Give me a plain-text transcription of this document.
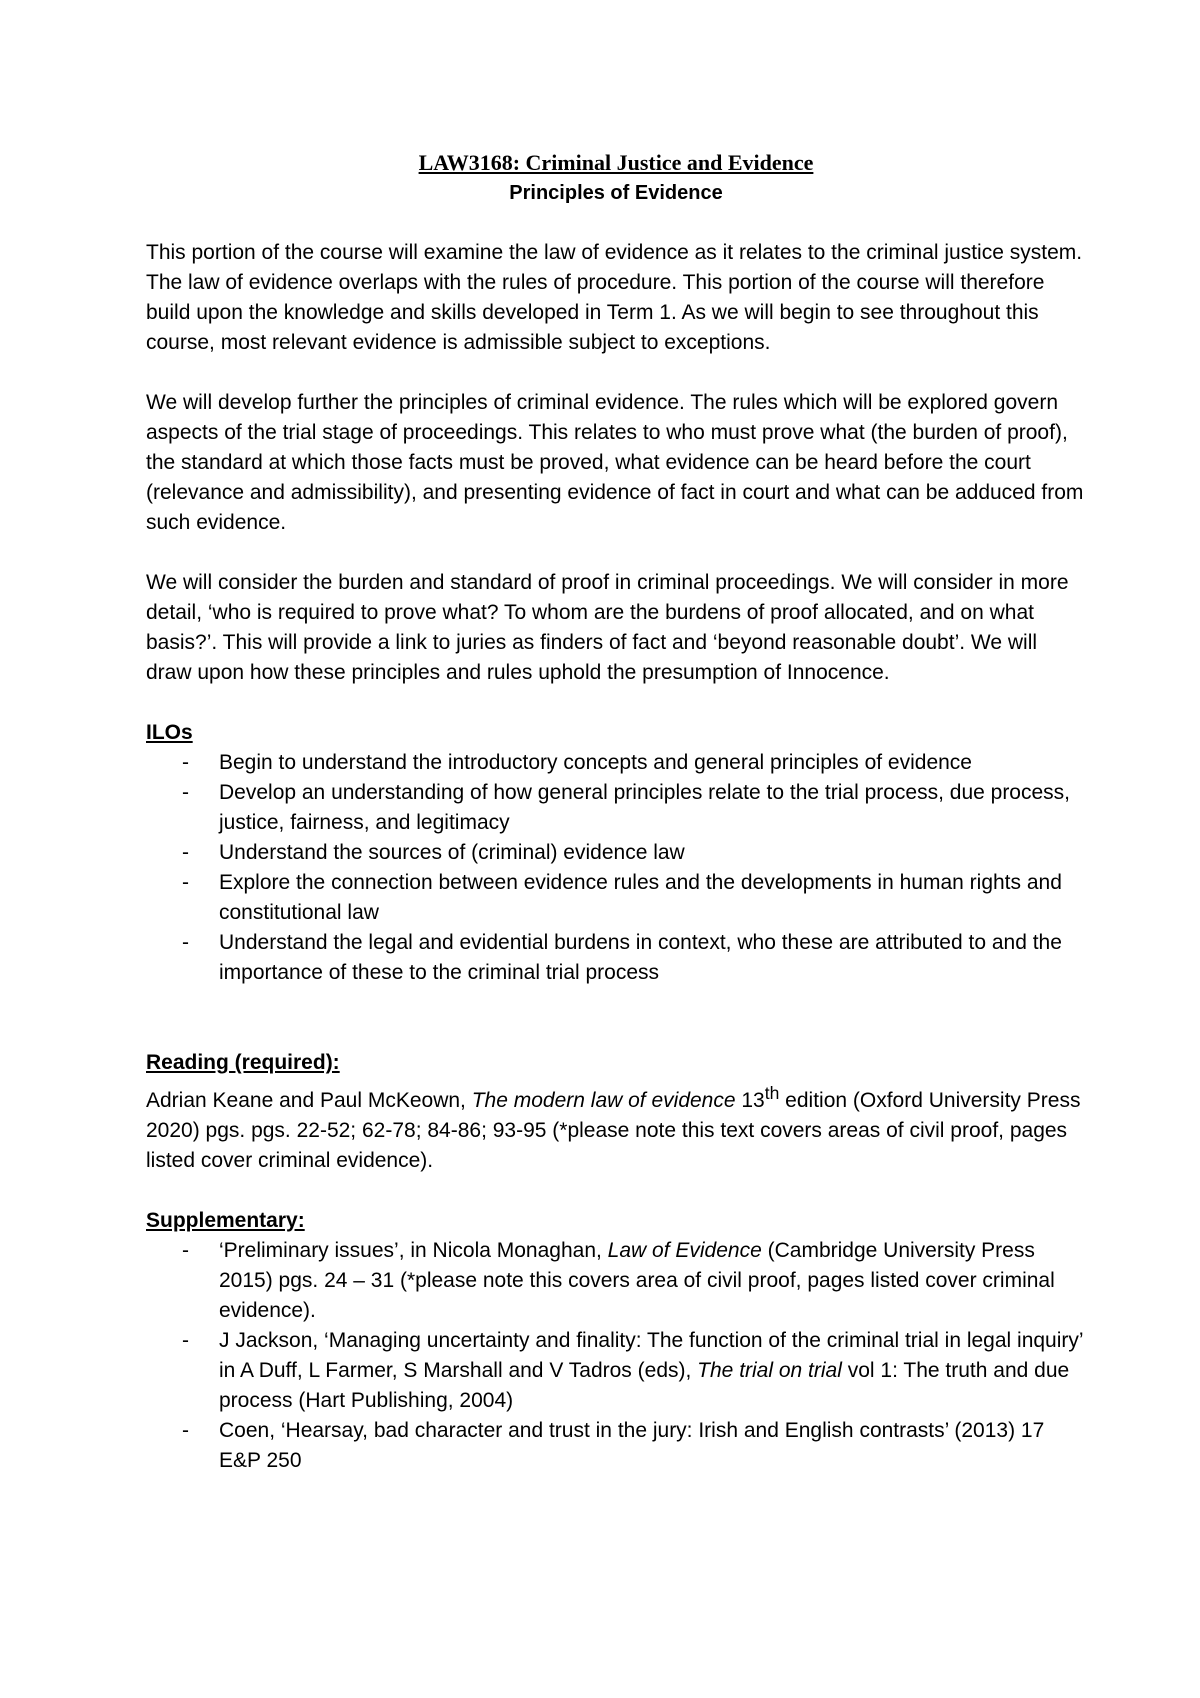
LAW3168: Criminal Justice and Evidence
Principles of Evidence

This portion of the course will examine the law of evidence as it relates to the criminal justice system. The law of evidence overlaps with the rules of procedure. This portion of the course will therefore build upon the knowledge and skills developed in Term 1. As we will begin to see throughout this course, most relevant evidence is admissible subject to exceptions.

We will develop further the principles of criminal evidence. The rules which will be explored govern aspects of the trial stage of proceedings. This relates to who must prove what (the burden of proof), the standard at which those facts must be proved, what evidence can be heard before the court (relevance and admissibility), and presenting evidence of fact in court and what can be adduced from such evidence.

We will consider the burden and standard of proof in criminal proceedings. We will consider in more detail, ‘who is required to prove what? To whom are the burdens of proof allocated, and on what basis?’. This will provide a link to juries as finders of fact and ‘beyond reasonable doubt’. We will draw upon how these principles and rules uphold the presumption of Innocence.

ILOs
- Begin to understand the introductory concepts and general principles of evidence
- Develop an understanding of how general principles relate to the trial process, due process, justice, fairness, and legitimacy
- Understand the sources of (criminal) evidence law
- Explore the connection between evidence rules and the developments in human rights and constitutional law
- Understand the legal and evidential burdens in context, who these are attributed to and the importance of these to the criminal trial process
Reading (required):

Adrian Keane and Paul McKeown, The modern law of evidence 13th edition (Oxford University Press 2020) pgs. pgs. 22-52; 62-78; 84-86; 93-95 (*please note this text covers areas of civil proof, pages listed cover criminal evidence).

Supplementary:
- ‘Preliminary issues’, in Nicola Monaghan, Law of Evidence (Cambridge University Press 2015) pgs. 24 – 31 (*please note this covers area of civil proof, pages listed cover criminal evidence).
- J Jackson, ‘Managing uncertainty and finality: The function of the criminal trial in legal inquiry’ in A Duff, L Farmer, S Marshall and V Tadros (eds), The trial on trial vol 1: The truth and due process (Hart Publishing, 2004)
- Coen, ‘Hearsay, bad character and trust in the jury: Irish and English contrasts’ (2013) 17 E&P 250
